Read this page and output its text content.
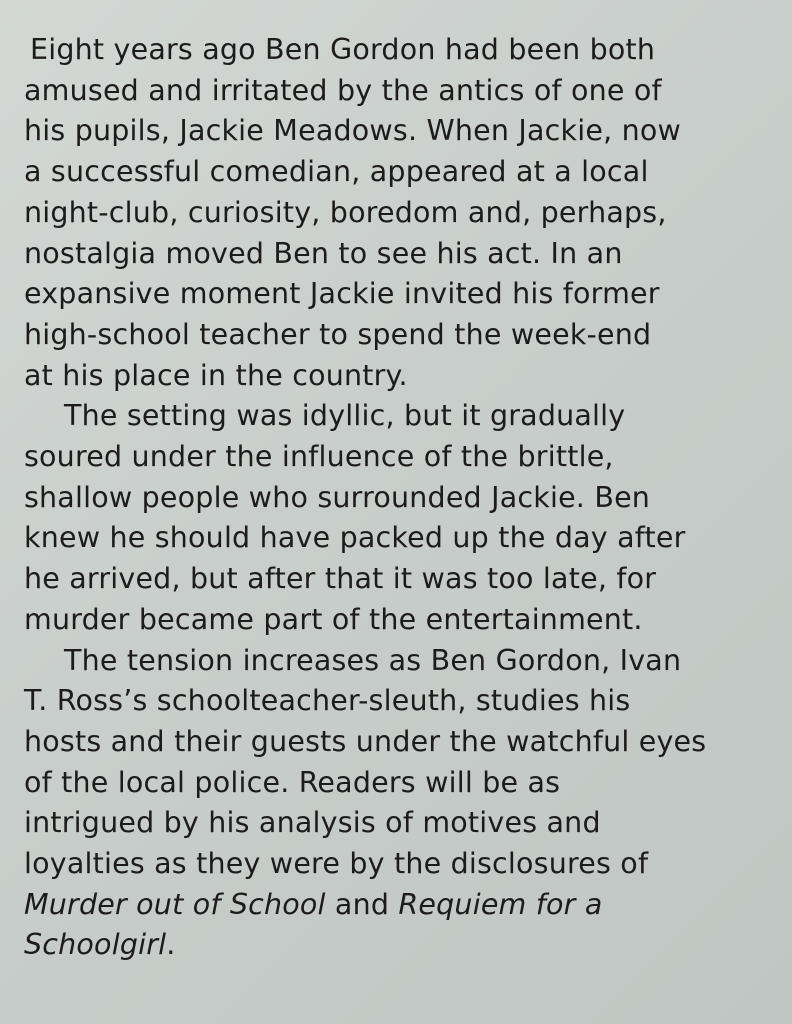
Eight years ago Ben Gordon had been both
amused and irritated by the antics of one of
his pupils, Jackie Meadows. When Jackie, now
a successful comedian, appeared at a local
night-club, curiosity, boredom and, perhaps,
nostalgia moved Ben to see his act. In an
expansive moment Jackie invited his former
high-school teacher to spend the week-end
at his place in the country.
The setting was idyllic, but it gradually
soured under the influence of the brittle,
shallow people who surrounded Jackie. Ben
knew he should have packed up the day after
he arrived, but after that it was too late, for
murder became part of the entertainment.
The tension increases as Ben Gordon, Ivan
T. Ross’s schoolteacher-sleuth, studies his
hosts and their guests under the watchful eyes
of the local police. Readers will be as
intrigued by his analysis of motives and
loyalties as they were by the disclosures of
Murder out of School and Requiem for a
Schoolgirl.
